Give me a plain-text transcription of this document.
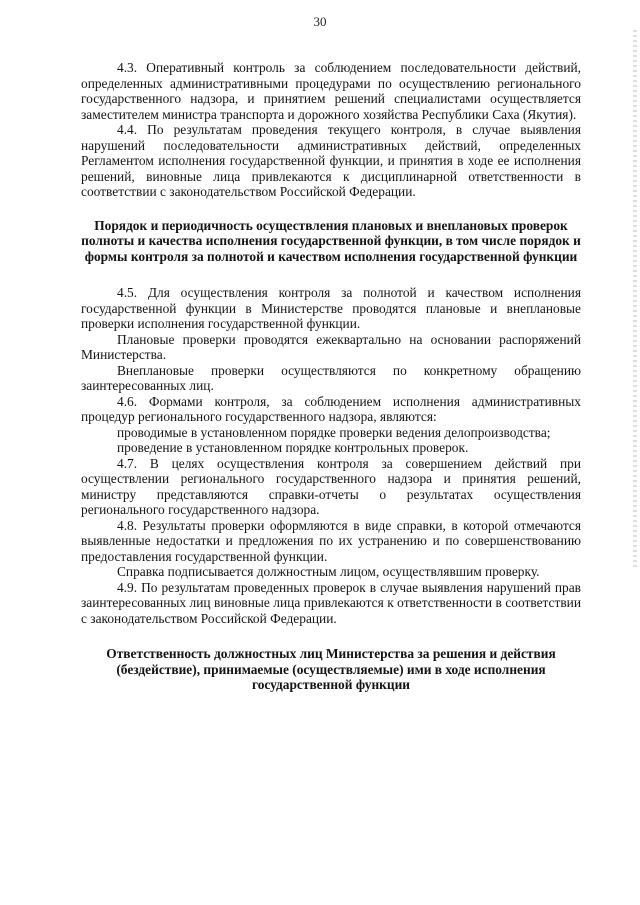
30

4.3. Оперативный контроль за соблюдением последовательности действий, определенных административными процедурами по осуществлению регионального государственного надзора, и принятием решений специалистами осуществляется заместителем министра транспорта и дорожного хозяйства Республики Саха (Якутия).

4.4. По результатам проведения текущего контроля, в случае выявления нарушений последовательности административных действий, определенных Регламентом исполнения государственной функции, и принятия в ходе ее исполнения решений, виновные лица привлекаются к дисциплинарной ответственности в соответствии с законодательством Российской Федерации.

Порядок и периодичность осуществления плановых и внеплановых проверок полноты и качества исполнения государственной функции, в том числе порядок и формы контроля за полнотой и качеством исполнения государственной функции

4.5. Для осуществления контроля за полнотой и качеством исполнения государственной функции в Министерстве проводятся плановые и внеплановые проверки исполнения государственной функции.

Плановые проверки проводятся ежеквартально на основании распоряжений Министерства.

Внеплановые проверки осуществляются по конкретному обращению заинтересованных лиц.

4.6. Формами контроля, за соблюдением исполнения административных процедур регионального государственного надзора, являются:

проводимые в установленном порядке проверки ведения делопроизводства;

проведение в установленном порядке контрольных проверок.

4.7. В целях осуществления контроля за совершением действий при осуществлении регионального государственного надзора и принятия решений, министру представляются справки-отчеты о результатах осуществления регионального государственного надзора.

4.8. Результаты проверки оформляются в виде справки, в которой отмечаются выявленные недостатки и предложения по их устранению и по совершенствованию предоставления государственной функции.

Справка подписывается должностным лицом, осуществлявшим проверку.

4.9. По результатам проведенных проверок в случае выявления нарушений прав заинтересованных лиц виновные лица привлекаются к ответственности в соответствии с законодательством Российской Федерации.

Ответственность должностных лиц Министерства за решения и действия (бездействие), принимаемые (осуществляемые) ими в ходе исполнения государственной функции
